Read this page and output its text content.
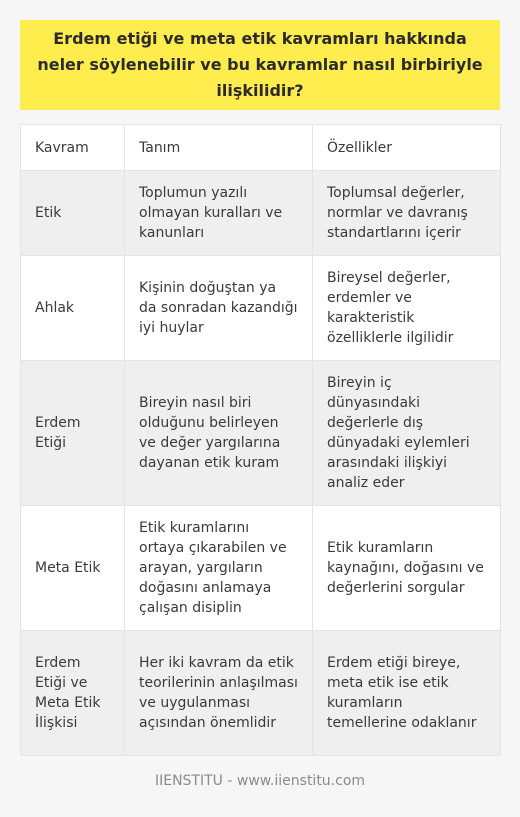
Erdem etiği ve meta etik kavramları hakkında neler söylenebilir ve bu kavramlar nasıl birbiriyle ilişkilidir?
Kavram	Tanım	Özellikler
Etik	Toplumun yazılı olmayan kuralları ve kanunları	Toplumsal değerler, normlar ve davranış standartlarını içerir
Ahlak	Kişinin doğuştan ya da sonradan kazandığı iyi huylar	Bireysel değerler, erdemler ve karakteristik özelliklerle ilgilidir
Erdem Etiği	Bireyin nasıl biri olduğunu belirleyen ve değer yargılarına dayanan etik kuram	Bireyin iç dünyasındaki değerlerle dış dünyadaki eylemleri arasındaki ilişkiyi analiz eder
Meta Etik	Etik kuramlarını ortaya çıkarabilen ve arayan, yargıların doğasını anlamaya çalışan disiplin	Etik kuramların kaynağını, doğasını ve değerlerini sorgular
Erdem Etiği ve Meta Etik İlişkisi	Her iki kavram da etik teorilerinin anlaşılması ve uygulanması açısından önemlidir	Erdem etiği bireye, meta etik ise etik kuramların temellerine odaklanır
IIENSTITU - www.iienstitu.com
